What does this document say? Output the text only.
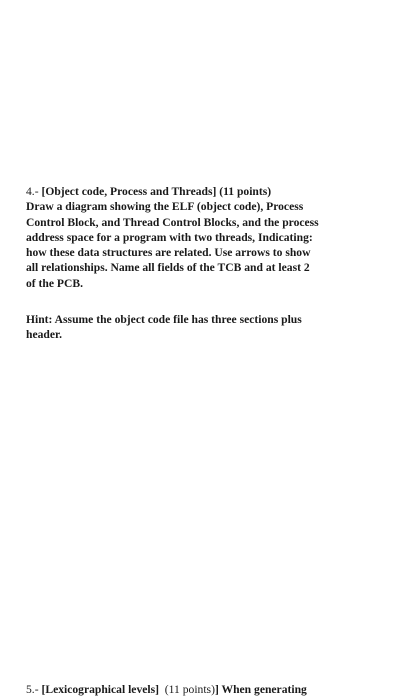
4.- [Object code, Process and Threads] (11 points)
Draw a diagram showing the ELF (object code), Process
Control Block, and Thread Control Blocks, and the process
address space for a program with two threads, Indicating:
how these data structures are related. Use arrows to show
all relationships. Name all fields of the TCB and at least 2
of the PCB.
Hint: Assume the object code file has three sections plus
header.
5.- [Lexicographical levels] (11 points)] When generating
